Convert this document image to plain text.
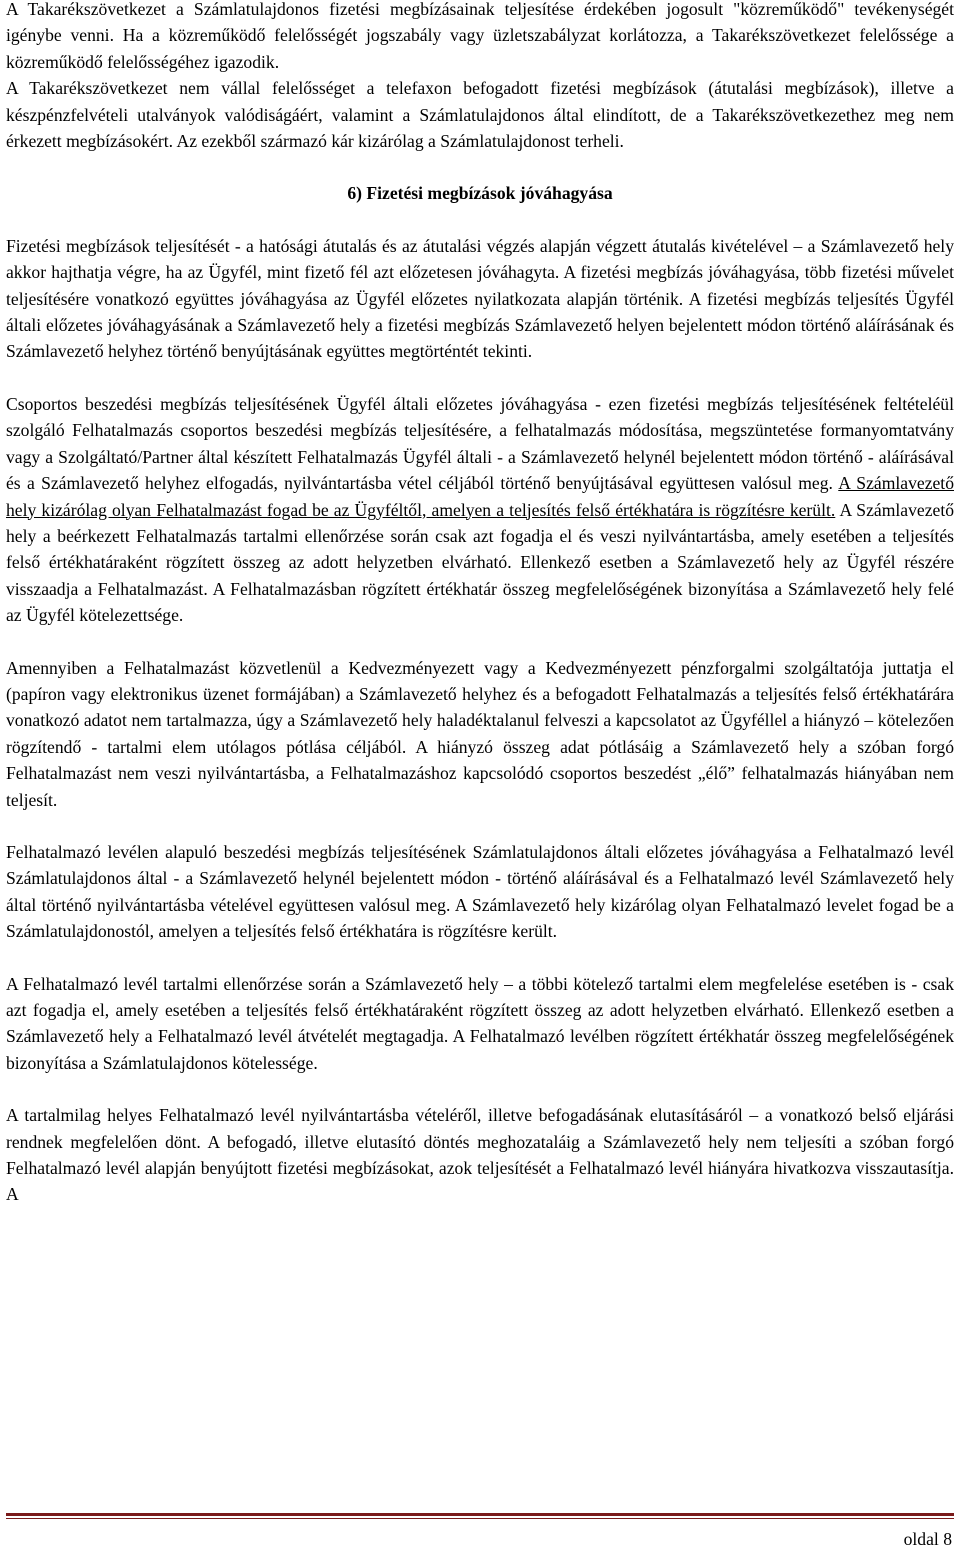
A Takarékszövetkezet a Számlatulajdonos fizetési megbízásainak teljesítése érdekében jogosult "közreműködő" tevékenységét igénybe venni. Ha a közreműködő felelősségét jogszabály vagy üzletszabályzat korlátozza, a Takarékszövetkezet felelőssége a közreműködő felelősségéhez igazodik.

A Takarékszövetkezet nem vállal felelősséget a telefaxon befogadott fizetési megbízások (átutalási megbízások), illetve a készpénzfelvételi utalványok valódiságáért, valamint a Számlatulajdonos által elindított, de a Takarékszövetkezethez meg nem érkezett megbízásokért. Az ezekből származó kár kizárólag a Számlatulajdonost terheli.

6) Fizetési megbízások jóváhagyása

Fizetési megbízások teljesítését - a hatósági átutalás és az átutalási végzés alapján végzett átutalás kivételével – a Számlavezető hely akkor hajthatja végre, ha az Ügyfél, mint fizető fél azt előzetesen jóváhagyta. A fizetési megbízás jóváhagyása, több fizetési művelet teljesítésére vonatkozó együttes jóváhagyása az Ügyfél előzetes nyilatkozata alapján történik. A fizetési megbízás teljesítés Ügyfél általi előzetes jóváhagyásának a Számlavezető hely a fizetési megbízás Számlavezető helyen bejelentett módon történő aláírásának és Számlavezető helyhez történő benyújtásának együttes megtörténtét tekinti.

Csoportos beszedési megbízás teljesítésének Ügyfél általi előzetes jóváhagyása - ezen fizetési megbízás teljesítésének feltételéül szolgáló Felhatalmazás csoportos beszedési megbízás teljesítésére, a felhatalmazás módosítása, megszüntetése formanyomtatvány vagy a Szolgáltató/Partner által készített Felhatalmazás Ügyfél általi - a Számlavezető helynél bejelentett módon történő - aláírásával és a Számlavezető helyhez elfogadás, nyilvántartásba vétel céljából történő benyújtásával együttesen valósul meg. A Számlavezető hely kizárólag olyan Felhatalmazást fogad be az Ügyféltől, amelyen a teljesítés felső értékhatára is rögzítésre került. A Számlavezető hely a beérkezett Felhatalmazás tartalmi ellenőrzése során csak azt fogadja el és veszi nyilvántartásba, amely esetében a teljesítés felső értékhatáraként rögzített összeg az adott helyzetben elvárható. Ellenkező esetben a Számlavezető hely az Ügyfél részére visszaadja a Felhatalmazást. A Felhatalmazásban rögzített értékhatár összeg megfelelőségének bizonyítása a Számlavezető hely felé az Ügyfél kötelezettsége.

Amennyiben a Felhatalmazást közvetlenül a Kedvezményezett vagy a Kedvezményezett pénzforgalmi szolgáltatója juttatja el (papíron vagy elektronikus üzenet formájában) a Számlavezető helyhez és a befogadott Felhatalmazás a teljesítés felső értékhatárára vonatkozó adatot nem tartalmazza, úgy a Számlavezető hely haladéktalanul felveszi a kapcsolatot az Ügyféllel a hiányzó – kötelezően rögzítendő - tartalmi elem utólagos pótlása céljából. A hiányzó összeg adat pótlásáig a Számlavezető hely a szóban forgó Felhatalmazást nem veszi nyilvántartásba, a Felhatalmazáshoz kapcsolódó csoportos beszedést „élő” felhatalmazás hiányában nem teljesít.

Felhatalmazó levélen alapuló beszedési megbízás teljesítésének Számlatulajdonos általi előzetes jóváhagyása a Felhatalmazó levél Számlatulajdonos által - a Számlavezető helynél bejelentett módon - történő aláírásával és a Felhatalmazó levél Számlavezető hely által történő nyilvántartásba vételével együttesen valósul meg. A Számlavezető hely kizárólag olyan Felhatalmazó levelet fogad be a Számlatulajdonostól, amelyen a teljesítés felső értékhatára is rögzítésre került.

A Felhatalmazó levél tartalmi ellenőrzése során a Számlavezető hely – a többi kötelező tartalmi elem megfelelése esetében is - csak azt fogadja el, amely esetében a teljesítés felső értékhatáraként rögzített összeg az adott helyzetben elvárható. Ellenkező esetben a Számlavezető hely a Felhatalmazó levél átvételét megtagadja. A Felhatalmazó levélben rögzített értékhatár összeg megfelelőségének bizonyítása a Számlatulajdonos kötelessége.

A tartalmilag helyes Felhatalmazó levél nyilvántartásba vételéről, illetve befogadásának elutasításáról – a vonatkozó belső eljárási rendnek megfelelően dönt. A befogadó, illetve elutasító döntés meghozataláig a Számlavezető hely nem teljesíti a szóban forgó Felhatalmazó levél alapján benyújtott fizetési megbízásokat, azok teljesítését a Felhatalmazó levél hiányára hivatkozva visszautasítja. A

oldal 8
